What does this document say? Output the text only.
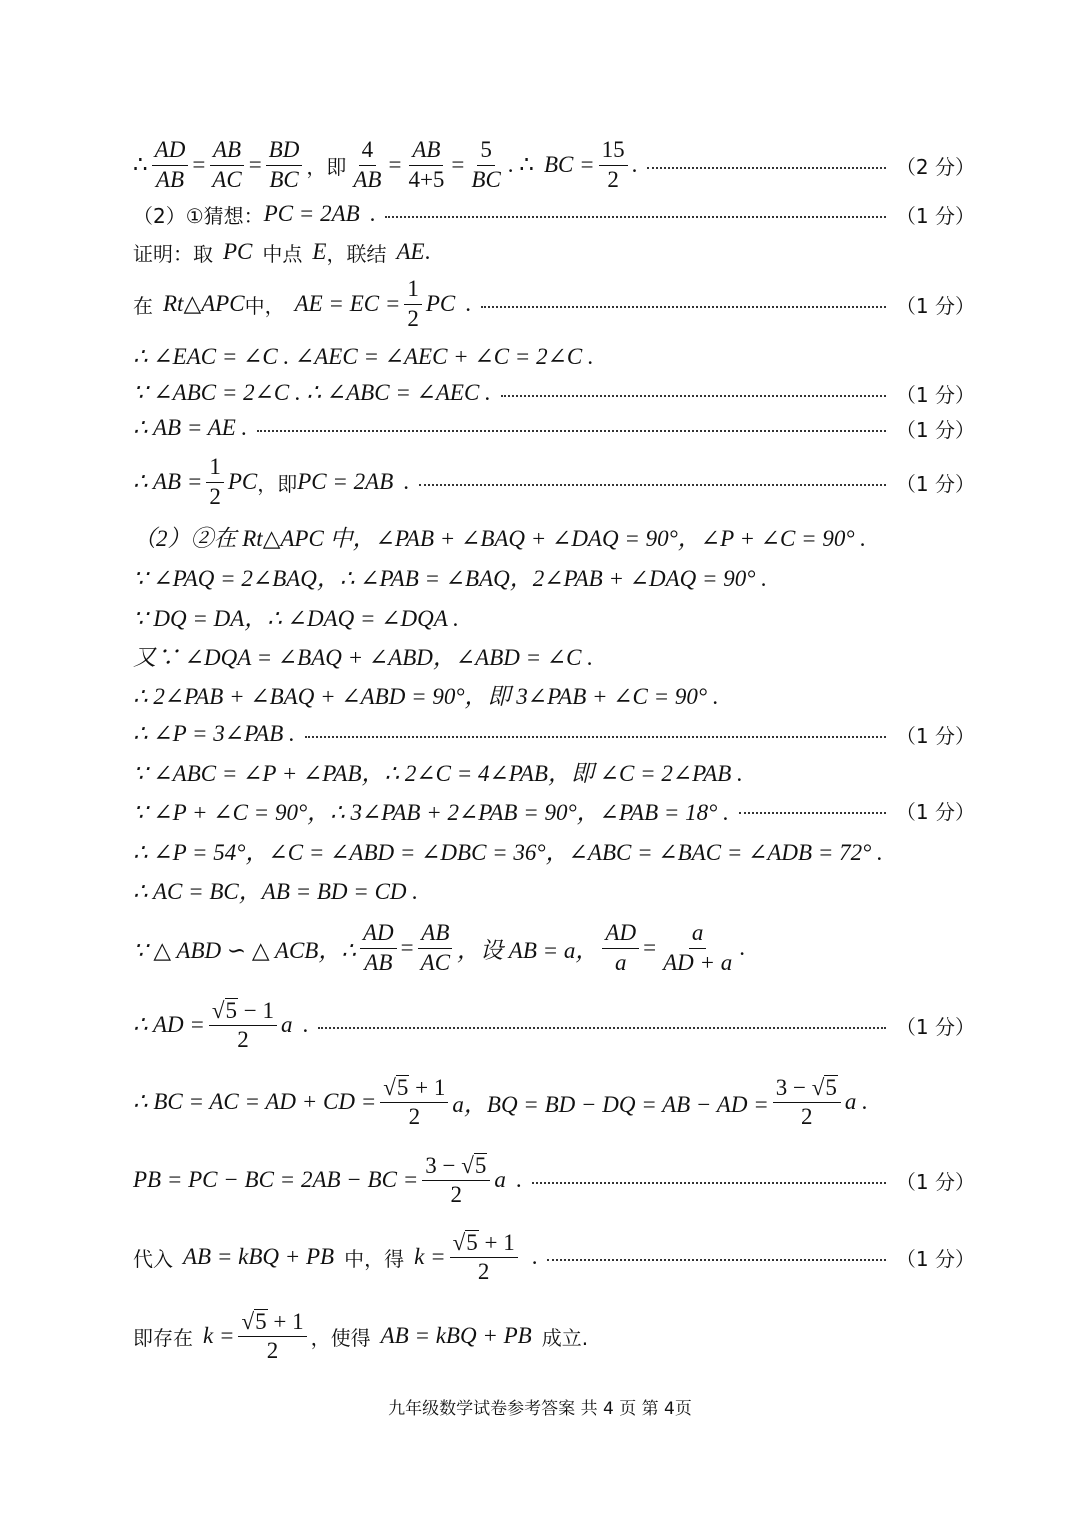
∴ $\frac{AD}{AB} = \frac{AB}{AC} = \frac{BD}{BC}$ ，即 $\frac{4}{AB} = \frac{AB}{4+5} = \frac{5}{BC}$ . ∴ BC = $\frac{15}{2}$ .	（2 分）
（2）①猜想： PC = 2AB .	（1 分）
证明：取 PC 中点 E ，联结 AE .
在 Rt△APC 中， AE = EC = $\frac{1}{2}$ PC .	（1 分）
∴ ∠EAC = ∠C . ∠AEC = ∠AEC + ∠C = 2∠C .
∵ ∠ABC = 2∠C . ∴ ∠ABC = ∠AEC .	（1 分）
∴ AB = AE .	（1 分）
∴ AB = $\frac{1}{2}$ PC ，即 PC = 2AB .	（1 分）
（2）②在 Rt△APC 中，∠PAB + ∠BAQ + ∠DAQ = 90°，∠P + ∠C = 90° .
∵ ∠PAQ = 2∠BAQ，∴ ∠PAB = ∠BAQ，2∠PAB + ∠DAQ = 90° .
∵ DQ = DA，∴ ∠DAQ = ∠DQA .
又∵ ∠DQA = ∠BAQ + ∠ABD，∠ABD = ∠C .
∴ 2∠PAB + ∠BAQ + ∠ABD = 90°，即 3∠PAB + ∠C = 90° .
∴ ∠P = 3∠PAB .	（1 分）
∵ ∠ABC = ∠P + ∠PAB，∴ 2∠C = 4∠PAB，即 ∠C = 2∠PAB .
∵ ∠P + ∠C = 90°，∴ 3∠PAB + 2∠PAB = 90°，∠PAB = 18° .	（1 分）
∴ ∠P = 54°，∠C = ∠ABD = ∠DBC = 36°，∠ABC = ∠BAC = ∠ADB = 72° .
∴ AC = BC，AB = BD = CD .
∵ △ ABD ∽ △ ACB，∴ $\frac{AD}{AB} = \frac{AB}{AC}$ ，设 AB = a， $\frac{AD}{a} = \frac{a}{AD + a}$ .
∴ AD = $\frac{√5 - 1}{2}$ a .	（1 分）
∴ BC = AC = AD + CD = $\frac{√5 + 1}{2}$ a，BQ = BD − DQ = AB − AD = $\frac{3 - √5}{2}$ a .
PB = PC − BC = 2AB − BC = $\frac{3 - √5}{2}$ a .	（1 分）
代入 AB = kBQ + PB 中，得 $k = \frac{√5 + 1}{2}$ .	（1 分）
即存在 $k = \frac{√5 + 1}{2}$ ，使得 AB = kBQ + PB 成立.
九年级数学试卷参考答案 共 4 页 第 4页
